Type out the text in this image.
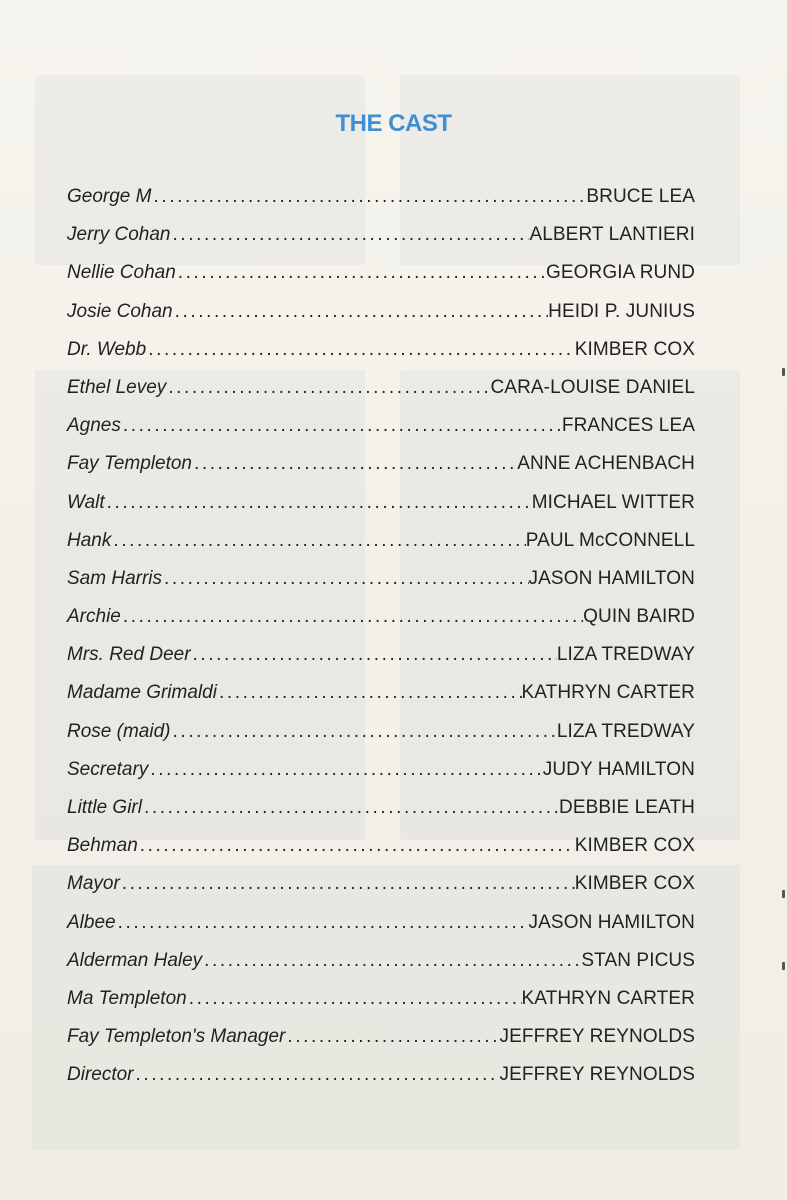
THE CAST
George M .....	BRUCE LEA
Jerry Cohan .....	ALBERT LANTIERI
Nellie Cohan .....	GEORGIA RUND
Josie Cohan .....	HEIDI P. JUNIUS
Dr. Webb .....	KIMBER COX
Ethel Levey .....	CARA-LOUISE DANIEL
Agnes .....	FRANCES LEA
Fay Templeton .....	ANNE ACHENBACH
Walt .....	MICHAEL WITTER
Hank .....	PAUL McCONNELL
Sam Harris .....	JASON HAMILTON
Archie .....	QUIN BAIRD
Mrs. Red Deer .....	LIZA TREDWAY
Madame Grimaldi .....	KATHRYN CARTER
Rose (maid) .....	LIZA TREDWAY
Secretary .....	JUDY HAMILTON
Little Girl .....	DEBBIE LEATH
Behman .....	KIMBER COX
Mayor .....	KIMBER COX
Albee .....	JASON HAMILTON
Alderman Haley .....	STAN PICUS
Ma Templeton .....	KATHRYN CARTER
Fay Templeton's Manager .....	JEFFREY REYNOLDS
Director .....	JEFFREY REYNOLDS
